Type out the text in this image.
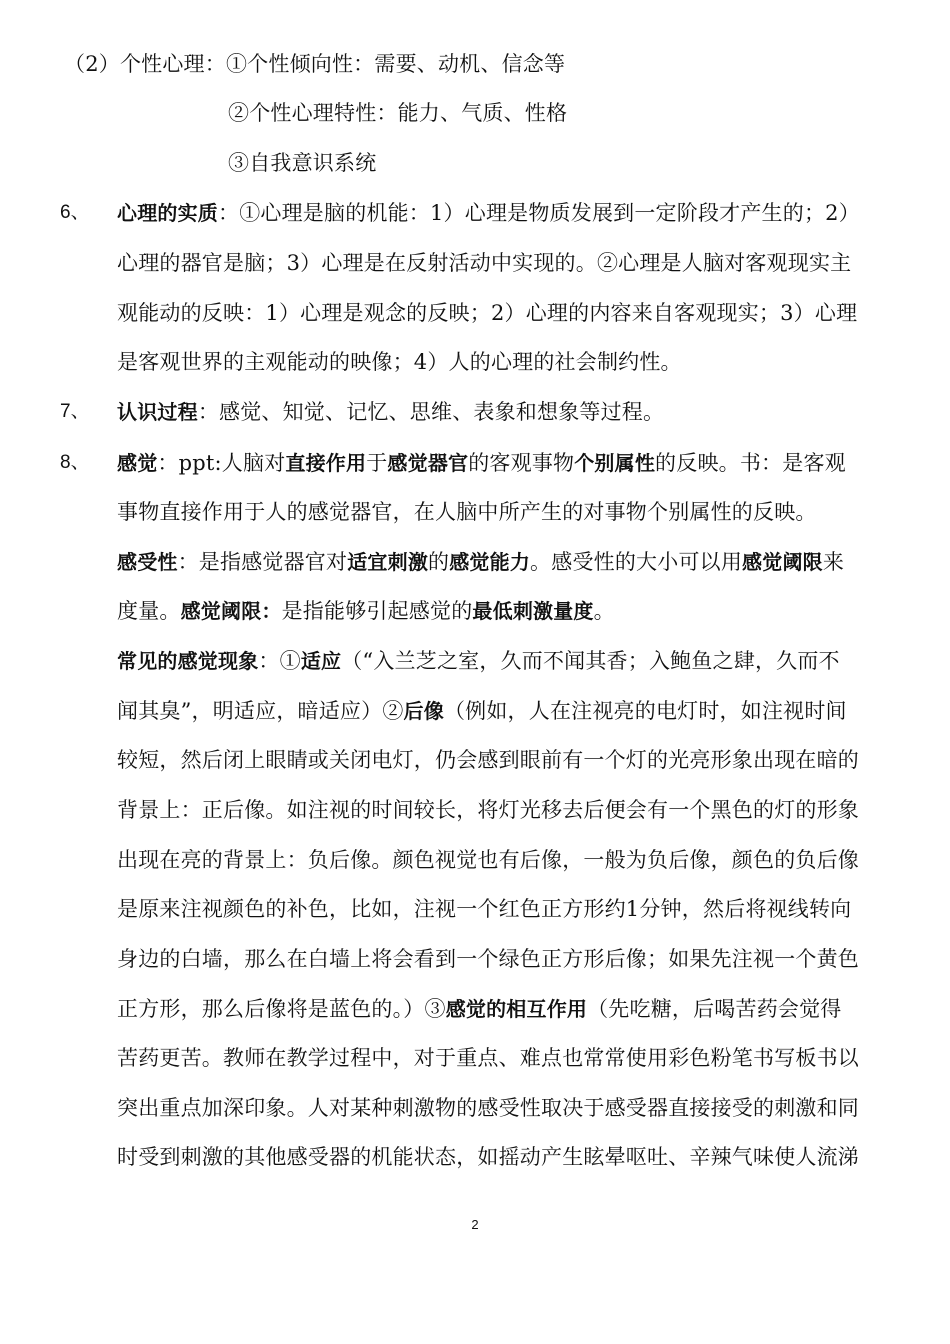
（2）个性心理：①个性倾向性：需要、动机、信念等
②个性心理特性：能力、气质、性格
③自我意识系统
6、 心理的实质：①心理是脑的机能：1）心理是物质发展到一定阶段才产生的；2）
心理的器官是脑；3）心理是在反射活动中实现的。②心理是人脑对客观现实主
观能动的反映：1）心理是观念的反映；2）心理的内容来自客观现实；3）心理
是客观世界的主观能动的映像；4）人的心理的社会制约性。
7、 认识过程：感觉、知觉、记忆、思维、表象和想象等过程。
8、 感觉：ppt:人脑对直接作用于感觉器官的客观事物个别属性的反映。书：是客观
事物直接作用于人的感觉器官，在人脑中所产生的对事物个别属性的反映。
感受性：是指感觉器官对适宜刺激的感觉能力。感受性的大小可以用感觉阈限来
度量。感觉阈限：是指能够引起感觉的最低刺激量度。
常见的感觉现象：①适应（“入兰芝之室，久而不闻其香；入鲍鱼之肆，久而不
闻其臭”，明适应，暗适应）②后像（例如，人在注视亮的电灯时，如注视时间
较短，然后闭上眼睛或关闭电灯，仍会感到眼前有一个灯的光亮形象出现在暗的
背景上：正后像。如注视的时间较长，将灯光移去后便会有一个黑色的灯的形象
出现在亮的背景上：负后像。颜色视觉也有后像，一般为负后像，颜色的负后像
是原来注视颜色的补色，比如，注视一个红色正方形约1分钟，然后将视线转向
身边的白墙，那么在白墙上将会看到一个绿色正方形后像；如果先注视一个黄色
正方形，那么后像将是蓝色的。）③感觉的相互作用（先吃糖，后喝苦药会觉得
苦药更苦。教师在教学过程中，对于重点、难点也常常使用彩色粉笔书写板书以
突出重点加深印象。人对某种刺激物的感受性取决于感受器直接接受的刺激和同
时受到刺激的其他感受器的机能状态，如摇动产生眩晕呕吐、辛辣气味使人流涕
2
